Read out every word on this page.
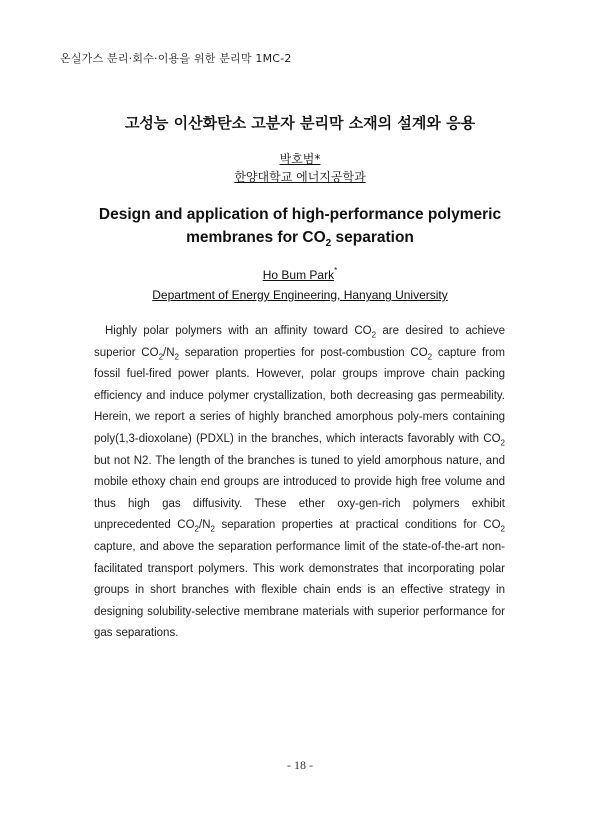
온실가스 분리·회수·이용을 위한 분리막 1MC-2
고성능 이산화탄소 고분자 분리막 소재의 설계와 응용
박호범*
한양대학교 에너지공학과
Design and application of high-performance polymeric
membranes for $CO_2$ separation
Ho Bum Park*
Department of Energy Engineering, Hanyang University
Highly polar polymers with an affinity toward $CO_2$ are desired to achieve superior $CO_2/N_2$ separation properties for post-combustion $CO_2$ capture from fossil fuel-fired power plants. However, polar groups improve chain packing efficiency and induce polymer crystallization, both decreasing gas permeability. Herein, we report a series of highly branched amorphous poly-mers containing poly(1,3-dioxolane) (PDXL) in the branches, which interacts favorably with $CO_2$ but not N2. The length of the branches is tuned to yield amorphous nature, and mobile ethoxy chain end groups are introduced to provide high free volume and thus high gas diffusivity. These ether oxy-gen-rich polymers exhibit unprecedented $CO_2/N_2$ separation properties at practical conditions for $CO_2$ capture, and above the separation performance limit of the state-of-the-art non-facilitated transport polymers. This work demonstrates that incorporating polar groups in short branches with flexible chain ends is an effective strategy in designing solubility-selective membrane materials with superior performance for gas separations.
- 18 -
